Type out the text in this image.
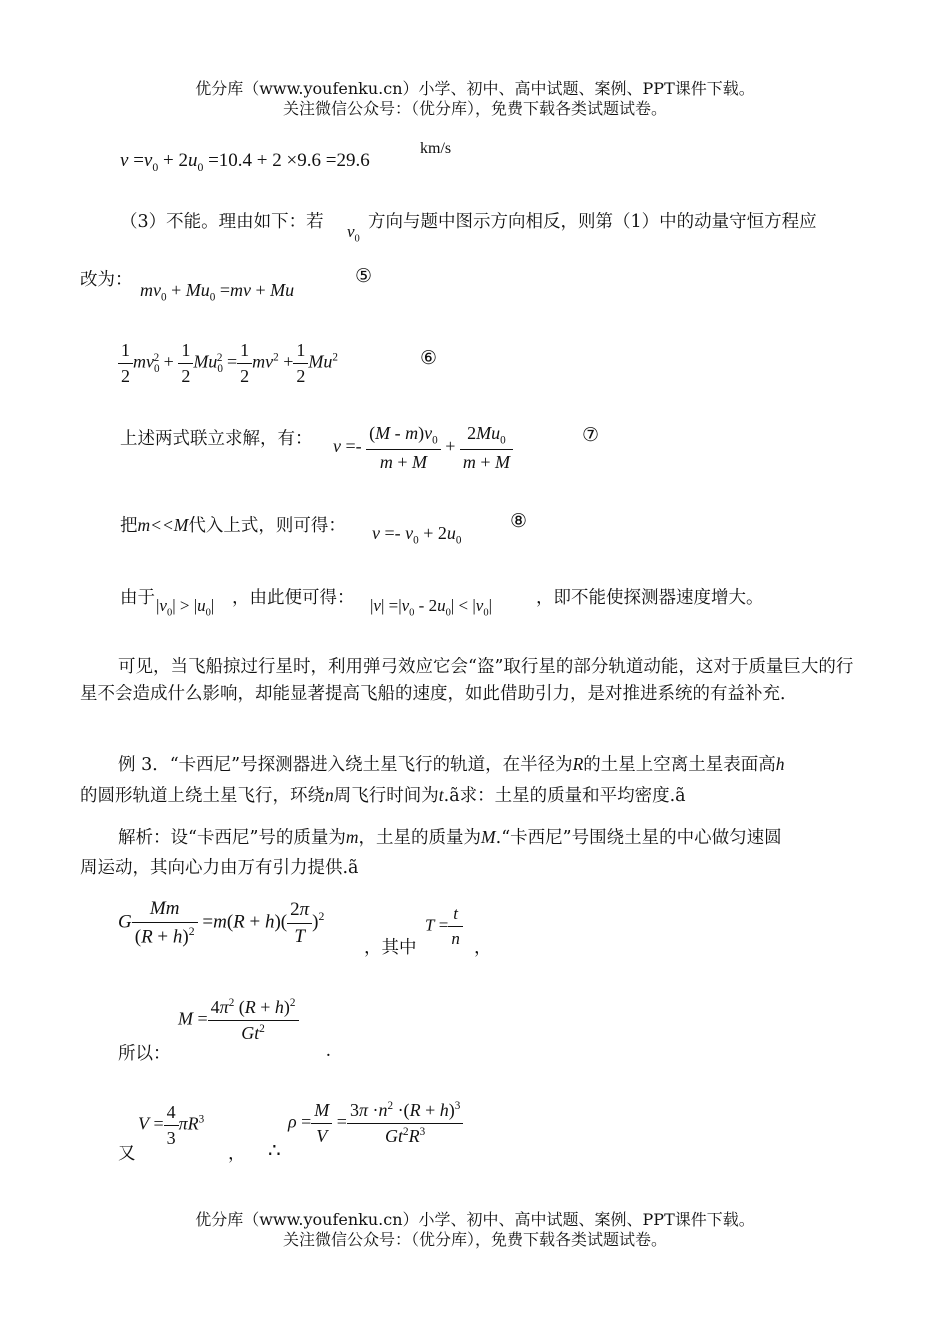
优分库（www.youfenku.cn）小学、初中、高中试题、案例、PPT课件下载。
关注微信公众号：（优分库），免费下载各类试题试卷。
$v =v_0 + 2u_0 =10.4 + 2 \times 9.6 =29.6$
km/s
（3）不能。理由如下：若 $v_0$
方向与题中图示方向相反，则第（1）中的动量守恒方程应
改为： $mv_0 + Mu_0 =mv + Mu$
⑤
$\frac{1}{2} mv_0^2 + \frac{1}{2} Mu_0^2 = \frac{1}{2} mv^2 + \frac{1}{2} Mu^2$	⑥
上述两式联立求解，有： $v =- \frac{(M - m)v_0}{m + M} + \frac{2Mu_0}{m + M}$	⑦
把m<<M代入上式，则可得： $v =- v_0 + 2u_0$
⑧
由于 $|v_0| > |u_0|$ ，由此便可得： $|v| =|v_0 - 2u_0| < |v_0|$	，即不能使探测器速度增大。
可见，当飞船掠过行星时，利用弹弓效应它会“盗”取行星的部分轨道动能，这对于质量巨大的行星不会造成什么影响，却能显著提高飞船的速度，如此借助引力，是对推进系统的有益补充．
例 3．“卡西尼”号探测器进入绕土星飞行的轨道，在半径为R的土星上空离土星表面高h
的圆形轨道上绕土星飞行，环绕n周飞行时间为t.ã求：土星的质量和平均密度.ã
解析：设“卡西尼”号的质量为m，土星的质量为M.“卡西尼”号围绕土星的中心做匀速圆
周运动，其向心力由万有引力提供.ã
G $\frac{Mm}{(R + h)^2} =m(R + h)( \frac{2\pi}{T} )^2$
，其中
$T = \frac{t}{n}$ ，
所以：
$M = \frac{4\pi^2 (R + h)^2}{Gt^2}$
.
又
$V = \frac{4}{3} \pi R^3$
， ∴
$\rho = \frac{M}{V} = \frac{3\pi \cdot n^2 \cdot(R + h)^3}{Gt^2R^3}$
优分库（www.youfenku.cn）小学、初中、高中试题、案例、PPT课件下载。
关注微信公众号：（优分库），免费下载各类试题试卷。
